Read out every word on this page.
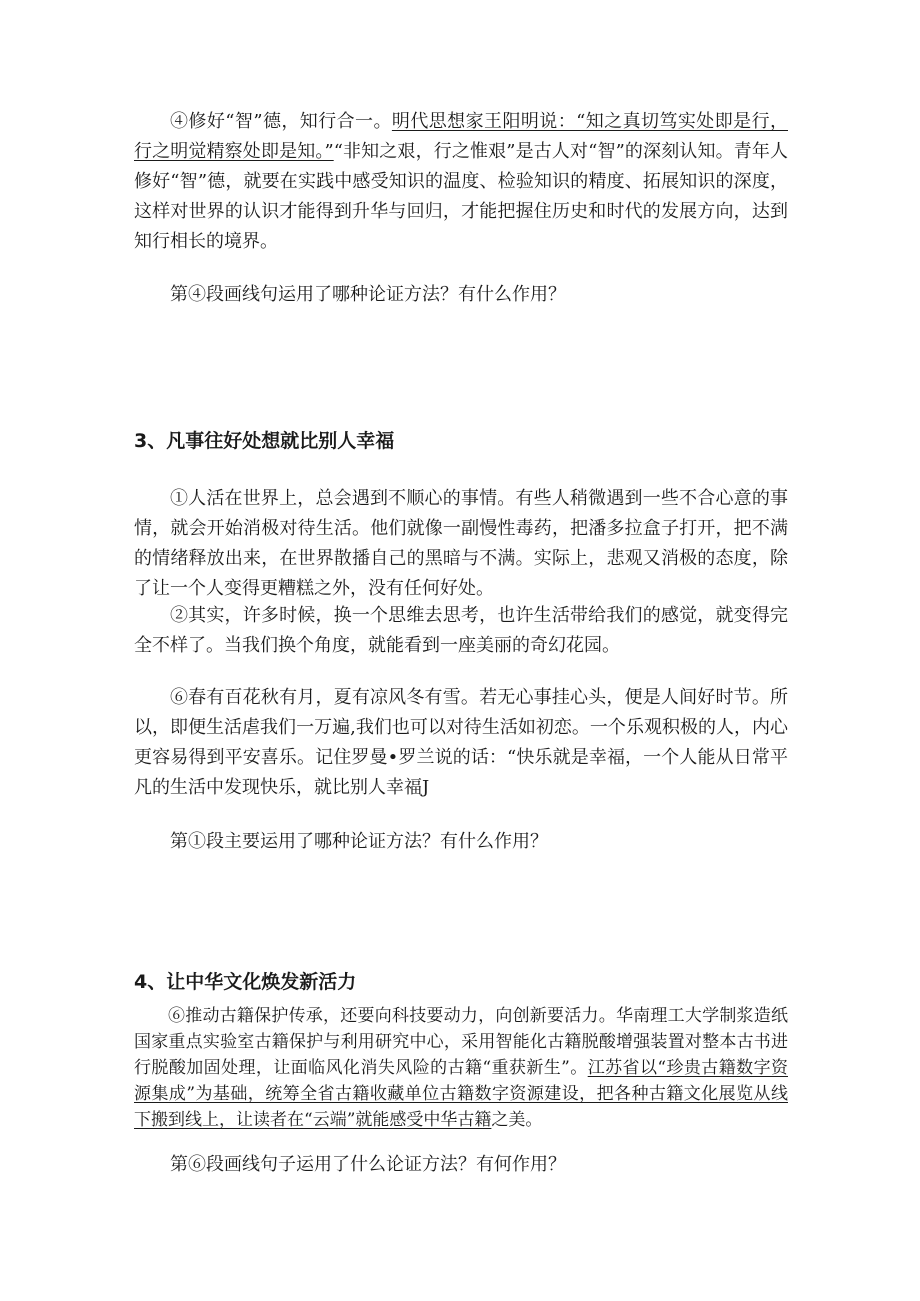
④修好“智”德，知行合一。明代思想家王阳明说：“知之真切笃实处即是行，行之明觉精察处即是知。”“非知之艰，行之惟艰”是古人对“智”的深刻认知。青年人修好“智”德，就要在实践中感受知识的温度、检验知识的精度、拓展知识的深度，这样对世界的认识才能得到升华与回归，才能把握住历史和时代的发展方向，达到知行相长的境界。

第④段画线句运用了哪种论证方法？有什么作用？

3、凡事往好处想就比别人幸福

①人活在世界上，总会遇到不顺心的事情。有些人稍微遇到一些不合心意的事情，就会开始消极对待生活。他们就像一副慢性毒药，把潘多拉盒子打开，把不满的情绪释放出来，在世界散播自己的黑暗与不满。实际上，悲观又消极的态度，除了让一个人变得更糟糕之外，没有任何好处。

②其实，许多时候，换一个思维去思考，也许生活带给我们的感觉，就变得完全不样了。当我们换个角度，就能看到一座美丽的奇幻花园。

⑥春有百花秋有月，夏有凉风冬有雪。若无心事挂心头，便是人间好时节。所以，即便生活虐我们一万遍,我们也可以对待生活如初恋。一个乐观积极的人，内心更容易得到平安喜乐。记住罗曼•罗兰说的话：“快乐就是幸福，一个人能从日常平凡的生活中发现快乐，就比别人幸福J

第①段主要运用了哪种论证方法？有什么作用？

4、让中华文化焕发新活力

⑥推动古籍保护传承，还要向科技要动力，向创新要活力。华南理工大学制浆造纸国家重点实验室古籍保护与利用研究中心，采用智能化古籍脱酸增强装置对整本古书进行脱酸加固处理，让面临风化消失风险的古籍“重获新生”。江苏省以“珍贵古籍数字资源集成”为基础，统筹全省古籍收藏单位古籍数字资源建设，把各种古籍文化展览从线下搬到线上，让读者在“云端”就能感受中华古籍之美。

第⑥段画线句子运用了什么论证方法？有何作用？
